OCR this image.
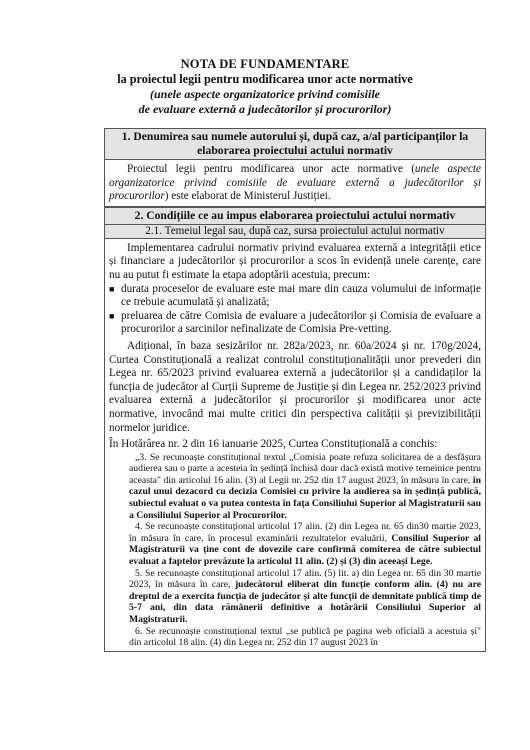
NOTA DE FUNDAMENTARE
la proiectul legii pentru modificarea unor acte normative
(unele aspecte organizatorice privind comisiile
de evaluare externă a judecătorilor și procurorilor)
1. Denumirea sau numele autorului și, după caz, a/al participanților la elaborarea proiectului actului normativ

Proiectul legii pentru modificarea unor acte normative (unele aspecte organizatorice privind comisiile de evaluare externă a judecătorilor și procurorilor) este elaborat de Ministerul Justiției.

2. Condițiile ce au impus elaborarea proiectului actului normativ
2.1. Temeiul legal sau, după caz, sursa proiectului actului normativ

Implementarea cadrului normativ privind evaluarea externă a integrității etice și financiare a judecătorilor și procurorilor a scos în evidență unele carențe, care nu au putut fi estimate la etapa adoptării acestuia, precum:

■ durata proceselor de evaluare este mai mare din cauza volumului de informație ce trebuie acumulată și analizată;
■ preluarea de către Comisia de evaluare a judecătorilor și Comisia de evaluare a procurorilor a sarcinilor nefinalizate de Comisia Pre-vetting.

Adițional, în baza sesizărilor nr. 282a/2023, nr. 60a/2024 și nr. 170g/2024, Curtea Constituțională a realizat controlul constituționalității unor prevederi din Legea nr. 65/2023 privind evaluarea externă a judecătorilor și a candidaților la funcția de judecător al Curții Supreme de Justiție și din Legea nr. 252/2023 privind evaluarea externă a judecătorilor și procurorilor și modificarea unor acte normative, invocând mai multe critici din perspectiva calității și previzibilității normelor juridice.

În Hotărârea nr. 2 din 16 ianuarie 2025, Curtea Constituțională a conchis:

„3. Se recunoaște constituțional textul „Comisia poate refuza solicitarea de a desfășura audierea sau o parte a acesteia în ședință închisă doar dacă există motive temeinice pentru aceasta" din articolul 16 alin. (3) al Legii nr. 252 din 17 august 2023, în măsura în care, în cazul unui dezacord cu decizia Comisiei cu privire la audierea sa în ședință publică, subiectul evaluat o va putea contesta în fața Consiliului Superior al Magistraturii sau a Consiliului Superior al Procurorilor.

4. Se recunoaște constituțional articolul 17 alin. (2) din Legea nr. 65 din30 martie 2023, în măsura în care, în procesul examinării rezultatelor evaluării, Consiliul Superior al Magistraturii va ține cont de dovezile care confirmă comiterea de către subiectul evaluat a faptelor prevăzute la articolul 11 alin. (2) și (3) din aceeași Lege.

5. Se recunoaște constituțional articolul 17 alin. (5) lit. a) din Legea nr. 65 din 30 martie 2023, în măsura în care, judecătorul eliberat din funcție conform alin. (4) nu are dreptul de a exercita funcția de judecător și alte funcții de demnitate publică timp de 5-7 ani, din data rămânerii definitive a hotărârii Consiliului Superior al Magistraturii.

6. Se recunoaște constituțional textul „se publică pe pagina web oficială a acestuia și" din articolul 18 alin. (4) din Legea nr. 252 din 17 august 2023 în
